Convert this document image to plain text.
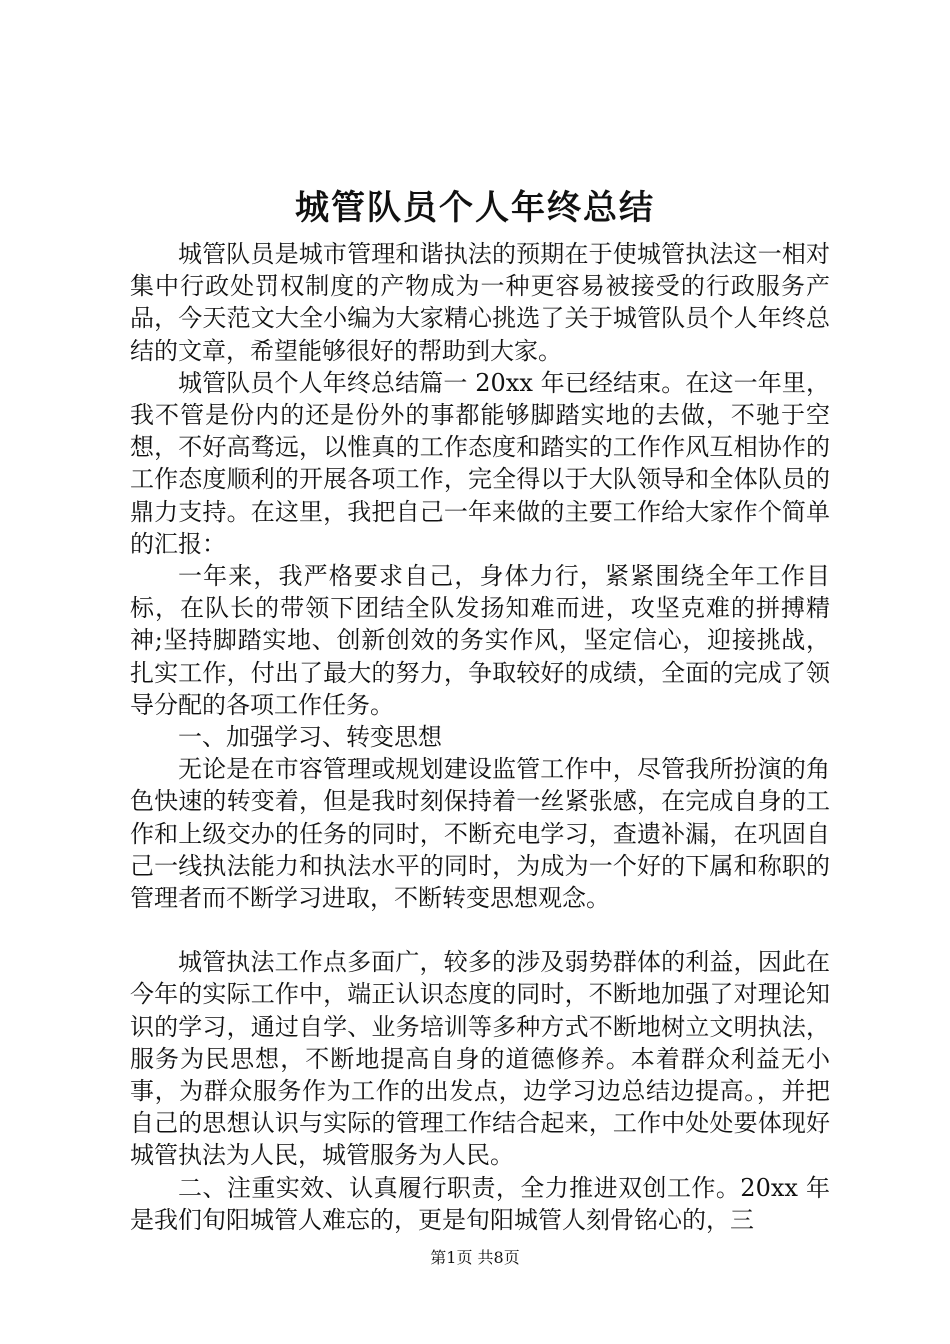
城管队员个人年终总结

城管队员是城市管理和谐执法的预期在于使城管执法这一相对集中行政处罚权制度的产物成为一种更容易被接受的行政服务产品，今天范文大全小编为大家精心挑选了关于城管队员个人年终总结的文章，希望能够很好的帮助到大家。

城管队员个人年终总结篇一 20xx 年已经结束。在这一年里，我不管是份内的还是份外的事都能够脚踏实地的去做，不驰于空想，不好高骛远，以惟真的工作态度和踏实的工作作风互相协作的工作态度顺利的开展各项工作，完全得以于大队领导和全体队员的鼎力支持。在这里，我把自己一年来做的主要工作给大家作个简单的汇报：

一年来，我严格要求自己，身体力行，紧紧围绕全年工作目标，在队长的带领下团结全队发扬知难而进，攻坚克难的拼搏精神;坚持脚踏实地、创新创效的务实作风，坚定信心，迎接挑战，扎实工作，付出了最大的努力，争取较好的成绩，全面的完成了领导分配的各项工作任务。

一、加强学习、转变思想

无论是在市容管理或规划建设监管工作中，尽管我所扮演的角色快速的转变着，但是我时刻保持着一丝紧张感，在完成自身的工作和上级交办的任务的同时，不断充电学习，查遗补漏，在巩固自己一线执法能力和执法水平的同时，为成为一个好的下属和称职的管理者而不断学习进取，不断转变思想观念。

城管执法工作点多面广，较多的涉及弱势群体的利益，因此在今年的实际工作中，端正认识态度的同时，不断地加强了对理论知识的学习，通过自学、业务培训等多种方式不断地树立文明执法，服务为民思想，不断地提高自身的道德修养。本着群众利益无小事，为群众服务作为工作的出发点，边学习边总结边提高。，并把自己的思想认识与实际的管理工作结合起来，工作中处处要体现好城管执法为人民，城管服务为人民。

二、注重实效、认真履行职责，全力推进双创工作。20xx 年是我们旬阳城管人难忘的，更是旬阳城管人刻骨铭心的，三

第1页 共8页
